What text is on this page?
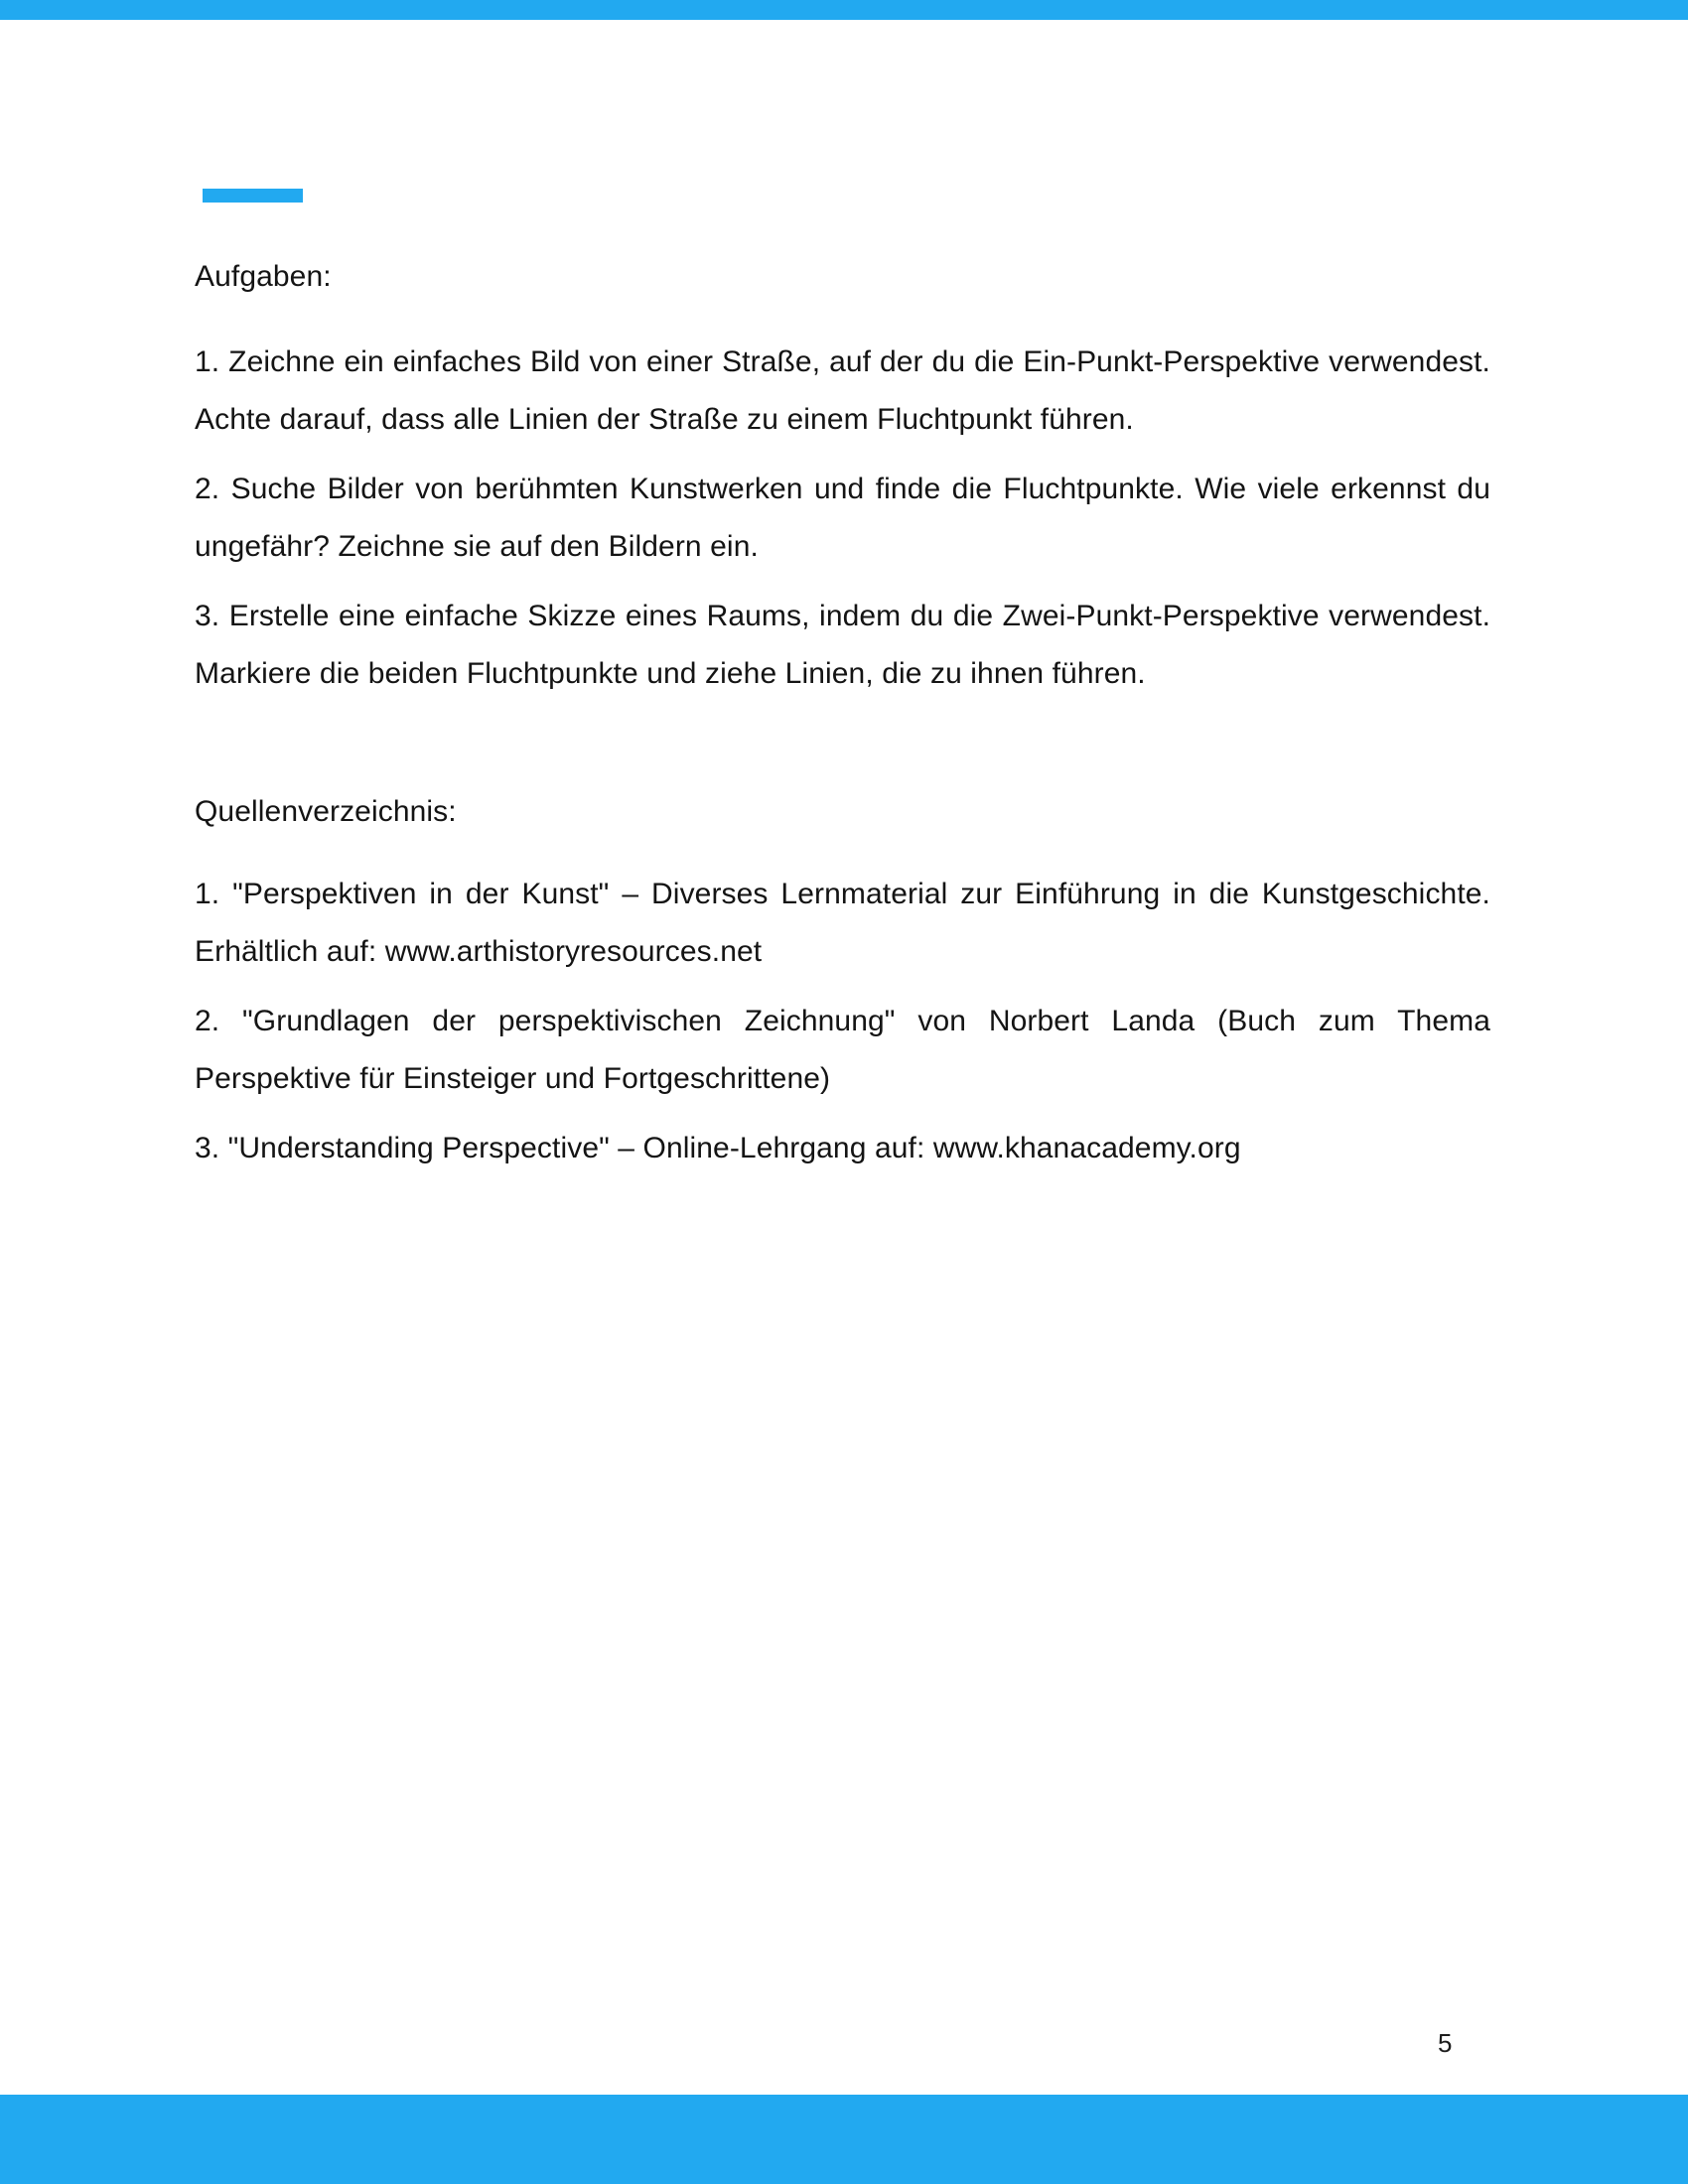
Aufgaben:

1. Zeichne ein einfaches Bild von einer Straße, auf der du die Ein-Punkt-Perspektive verwendest. Achte darauf, dass alle Linien der Straße zu einem Fluchtpunkt führen.

2. Suche Bilder von berühmten Kunstwerken und finde die Fluchtpunkte. Wie viele erkennst du ungefähr? Zeichne sie auf den Bildern ein.

3. Erstelle eine einfache Skizze eines Raums, indem du die Zwei-Punkt-Perspektive verwendest. Markiere die beiden Fluchtpunkte und ziehe Linien, die zu ihnen führen.

Quellenverzeichnis:

1. "Perspektiven in der Kunst" – Diverses Lernmaterial zur Einführung in die Kunstgeschichte. Erhältlich auf: www.arthistoryresources.net

2. "Grundlagen der perspektivischen Zeichnung" von Norbert Landa (Buch zum Thema Perspektive für Einsteiger und Fortgeschrittene)

3. "Understanding Perspective" – Online-Lehrgang auf: www.khanacademy.org

5
